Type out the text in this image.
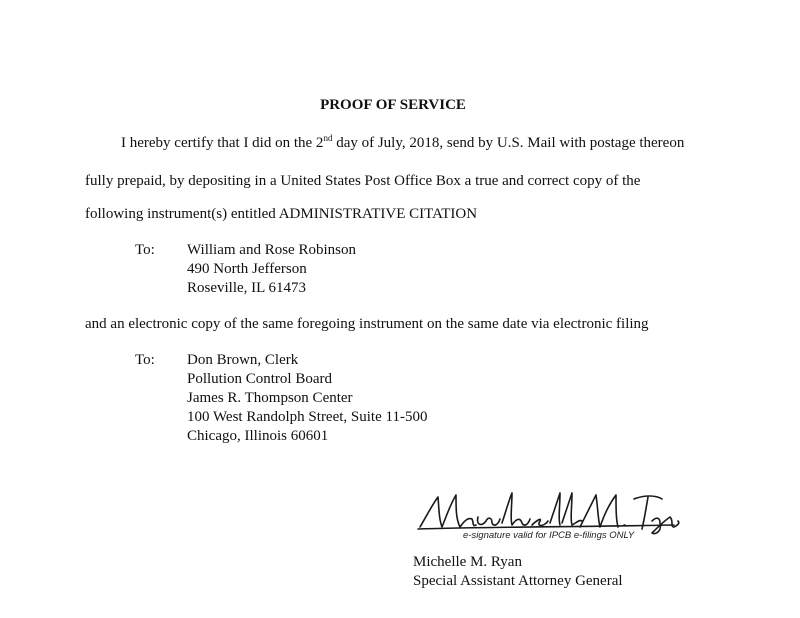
PROOF OF SERVICE
I hereby certify that I did on the 2nd day of July, 2018, send by U.S. Mail with postage thereon
fully prepaid, by depositing in a United States Post Office Box a true and correct copy of the
following instrument(s) entitled ADMINISTRATIVE CITATION
To: William and Rose Robinson
490 North Jefferson
Roseville, IL 61473
and an electronic copy of the same foregoing instrument on the same date via electronic filing
To: Don Brown, Clerk
Pollution Control Board
James R. Thompson Center
100 West Randolph Street, Suite 11-500
Chicago, Illinois 60601
e-signature valid for IPCB e-filings ONLY
Michelle M. Ryan
Special Assistant Attorney General
